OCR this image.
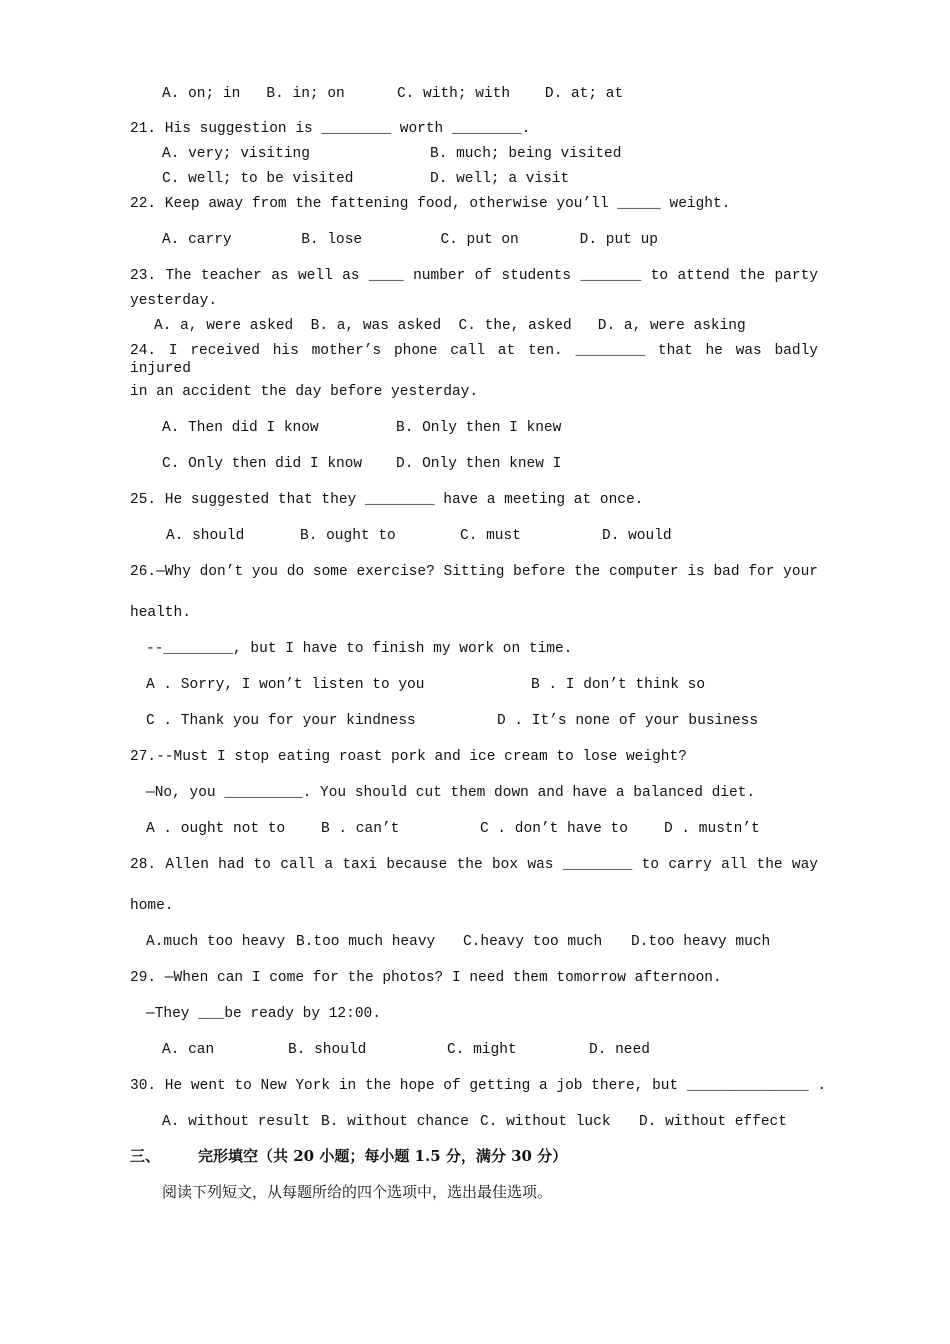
A. on; in   B. in; on      C. with; with    D. at; at
21. His suggestion is ________ worth ________.
A. very; visiting	B. much; being visited
C. well; to be visited	D. well; a visit
22. Keep away from the fattening food, otherwise you’ll _____ weight.
A. carry        B. lose         C. put on       D. put up
23. The teacher as well as ____ number of students _______ to attend the party
yesterday.
A. a, were asked  B. a, was asked  C. the, asked   D. a, were asking
24. I received his mother’s phone call at ten. ________ that he was badly injured
in an accident the day before yesterday.
A. Then did I know	B. Only then I knew
C. Only then did I know D. Only then knew I
25. He suggested that they ________ have a meeting at once.
A. should	B. ought to	C. must	D. would
26.—Why don’t you do some exercise? Sitting before the computer is bad for your
health.
--________, but I have to finish my work on time.
A . Sorry, I won’t listen to you	B . I don’t think so
C . Thank you for your kindness	D . It’s none of your business
27.--Must I stop eating roast pork and ice cream to lose weight?
—No, you _________. You should cut them down and have a balanced diet.
A . ought not to B . can’t	C . don’t have to D . mustn’t
28. Allen had to call a taxi because the box was ________ to carry all the way
home.
A.much too heavy B.too much heavy C.heavy too much D.too heavy much
29. —When can I come for the photos? I need them tomorrow afternoon.
—They ___be ready by 12:00.
A. can	B. should	C. might	D. need
30. He went to New York in the hope of getting a job there, but ______________ .
A. without result B. without chance C. without luck D. without effect

三、

	完形填空（共 20 小题；每小题 1.5 分，满分 30 分）

阅读下列短文，从每题所给的四个选项中，选出最佳选项。
